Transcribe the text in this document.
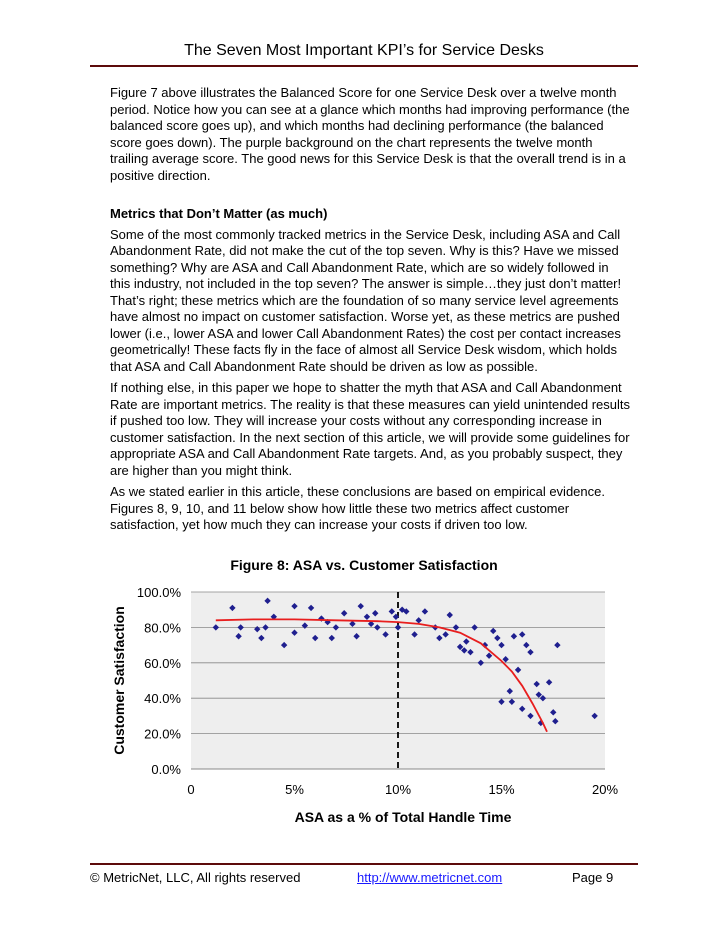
The Seven Most Important KPI’s for Service Desks

Figure 7 above illustrates the Balanced Score for one Service Desk over a twelve month period. Notice how you can see at a glance which months had improving performance (the balanced score goes up), and which months had declining performance (the balanced score goes down). The purple background on the chart represents the twelve month trailing average score. The good news for this Service Desk is that the overall trend is in a positive direction.

Metrics that Don’t Matter (as much)

Some of the most commonly tracked metrics in the Service Desk, including ASA and Call Abandonment Rate, did not make the cut of the top seven. Why is this? Have we missed something? Why are ASA and Call Abandonment Rate, which are so widely followed in this industry, not included in the top seven? The answer is simple…they just don’t matter! That’s right; these metrics which are the foundation of so many service level agreements have almost no impact on customer satisfaction. Worse yet, as these metrics are pushed lower (i.e., lower ASA and lower Call Abandonment Rates) the cost per contact increases geometrically! These facts fly in the face of almost all Service Desk wisdom, which holds that ASA and Call Abandonment Rate should be driven as low as possible.

If nothing else, in this paper we hope to shatter the myth that ASA and Call Abandonment Rate are important metrics. The reality is that these measures can yield unintended results if pushed too low. They will increase your costs without any corresponding increase in customer satisfaction. In the next section of this article, we will provide some guidelines for appropriate ASA and Call Abandonment Rate targets. And, as you probably suspect, they are higher than you might think.

As we stated earlier in this article, these conclusions are based on empirical evidence. Figures 8, 9, 10, and 11 below show how little these two metrics affect customer satisfaction, yet how much they can increase your costs if driven too low.

Figure 8: ASA vs. Customer Satisfaction
0.0%
20.0%
40.0%
60.0%
80.0%
100.0%
0	5%	10%	15%	20%
ASA as a % of Total Handle Time
Customer Satisfaction
© MetricNet, LLC, All rights reserved	http://www.metricnet.com	Page 9
